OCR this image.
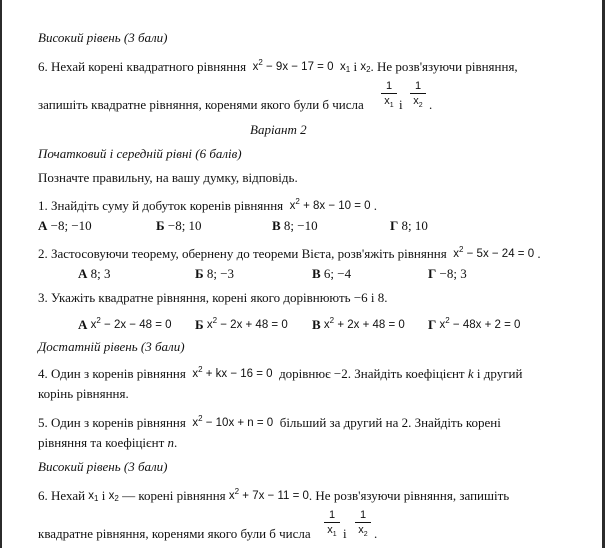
Високий рівень (3 бали)
6. Нехай корені квадратного рівняння $x^2 - 9x - 17 = 0$ $x_1$ і $x_2$. Не розв'язуючи рівняння,
запишіть квадратне рівняння, коренями якого були б числа
1
$x_1$ і
1
$x_2$ .
Варіант 2
Початковий і середній рівні (6 балів)
Позначте правильну, на вашу думку, відповідь.
1. Знайдіть суму й добуток коренів рівняння $x^2 + 8x - 10 = 0$ .
А −8; −10	Б −8; 10	В 8; −10	Г 8; 10
2. Застосовуючи теорему, обернену до теореми Вієта, розв'яжіть рівняння $x^2 - 5x - 24 = 0$ .
А 8; 3	Б 8; −3	В 6; −4	Г −8; 3
3. Укажіть квадратне рівняння, корені якого дорівнюють −6 і 8.
А $x^2 - 2x - 48 = 0$ Б $x^2 - 2x + 48 = 0$ В $x^2 + 2x + 48 = 0$ Г $x^2 - 48x + 2 = 0$
Достатній рівень (3 бали)
4. Один з коренів рівняння $x^2$ + kx − 16 = 0 дорівнює −2. Знайдіть коефіцієнт k і другий
корінь рівняння.
5. Один з коренів рівняння $x^2 - 10x + n = 0$ більший за другий на 2. Знайдіть корені
рівняння та коефіцієнт n.
Високий рівень (3 бали)
6. Нехай $x_1$ і $x_2$ — корені рівняння $x^2 + 7x - 11 = 0$. Не розв'язуючи рівняння, запишіть
квадратне рівняння, коренями якого були б числа
1
$x_1$ і
1
$x_2$ .
